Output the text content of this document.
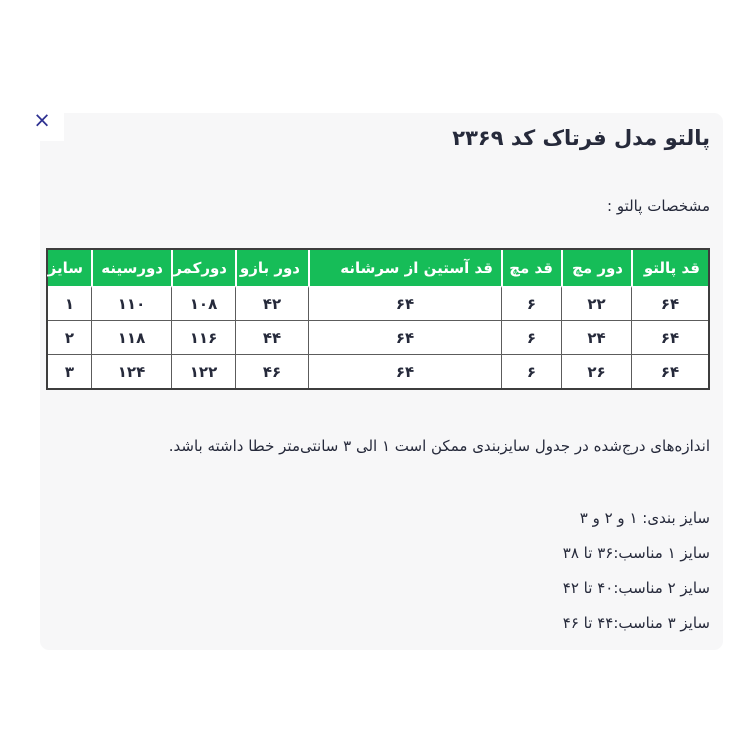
×
پالتو مدل فرتاک کد ۲۳۶۹
مشخصات پالتو :
قد پالتو	دور مچ	قد مچ	قد آستین از سرشانه	دور بازو	دورکمر	دورسینه	سایز
۶۴	۲۲	۶	۶۴	۴۲	۱۰۸	۱۱۰	۱
۶۴	۲۴	۶	۶۴	۴۴	۱۱۶	۱۱۸	۲
۶۴	۲۶	۶	۶۴	۴۶	۱۲۲	۱۲۴	۳
اندازه‌های درج‌شده در جدول سایزبندی ممکن است ۱ الی ۳ سانتی‌متر خطا داشته باشد.
سایز بندی: ۱ و ۲ و ۳
سایز ۱ مناسب:۳۶ تا ۳۸
سایز ۲ مناسب:۴۰ تا ۴۲
سایز ۳ مناسب:۴۴ تا ۴۶
